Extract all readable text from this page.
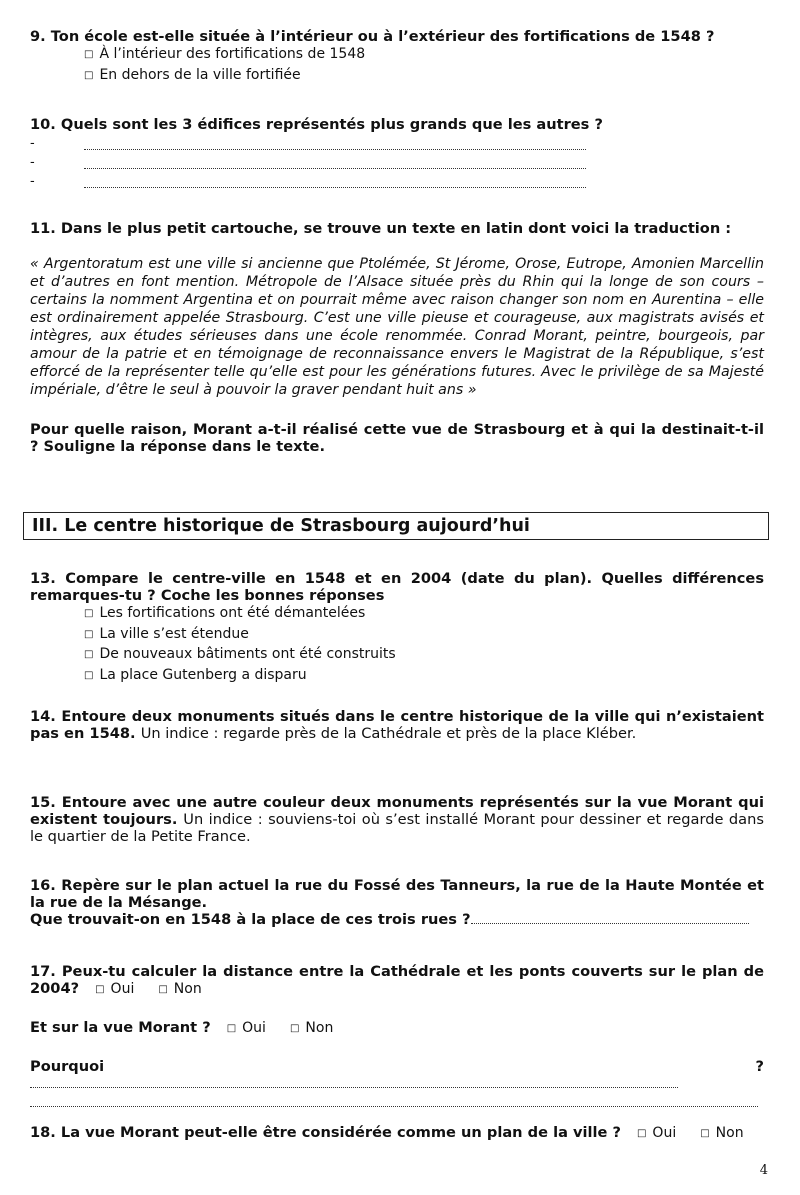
9. Ton école est-elle située à l’intérieur ou à l’extérieur des fortifications de 1548 ?
□ À l’intérieur des fortifications de 1548
□ En dehors de la ville fortifiée
10. Quels sont les 3 édifices représentés plus grands que les autres ?
-
-
-
11. Dans le plus petit cartouche, se trouve un texte en latin dont voici la traduction :
« Argentoratum est une ville si ancienne que Ptolémée, St Jérome, Orose, Eutrope, Amonien Marcellin et d’autres en font mention. Métropole de l’Alsace située près du Rhin qui la longe de son cours – certains la nomment Argentina et on pourrait même avec raison changer son nom en Aurentina – elle est ordinairement appelée Strasbourg. C’est une ville pieuse et courageuse, aux magistrats avisés et intègres, aux études sérieuses dans une école renommée. Conrad Morant, peintre, bourgeois, par amour de la patrie et en témoignage de reconnaissance envers le Magistrat de la République, s’est efforcé de la représenter telle qu’elle est pour les générations futures. Avec le privilège de sa Majesté impériale, d’être le seul à pouvoir la graver pendant huit ans »
Pour quelle raison, Morant a-t-il réalisé cette vue de Strasbourg et à qui la destinait-t-il ? Souligne la réponse dans le texte.
III. Le centre historique de Strasbourg aujourd’hui
13. Compare le centre-ville en 1548 et en 2004 (date du plan). Quelles différences remarques-tu ? Coche les bonnes réponses
□ Les fortifications ont été démantelées
□ La ville s’est étendue
□ De nouveaux bâtiments ont été construits
□ La place Gutenberg a disparu
14. Entoure deux monuments situés dans le centre historique de la ville qui n’existaient pas en 1548. Un indice : regarde près de la Cathédrale et près de la place Kléber.
15. Entoure avec une autre couleur deux monuments représentés sur la vue Morant qui existent toujours. Un indice : souviens-toi où s’est installé Morant pour dessiner et regarde dans le quartier de la Petite France.
16. Repère sur le plan actuel la rue du Fossé des Tanneurs, la rue de la Haute Montée et la rue de la Mésange.
Que trouvait-on en 1548 à la place de ces trois rues ?
17. Peux-tu calculer la distance entre la Cathédrale et les ponts couverts sur le plan de 2004? □ Oui □ Non
Et sur la vue Morant ? □ Oui □ Non
Pourquoi ?
18. La vue Morant peut-elle être considérée comme un plan de la ville ? □ Oui □ Non
4
